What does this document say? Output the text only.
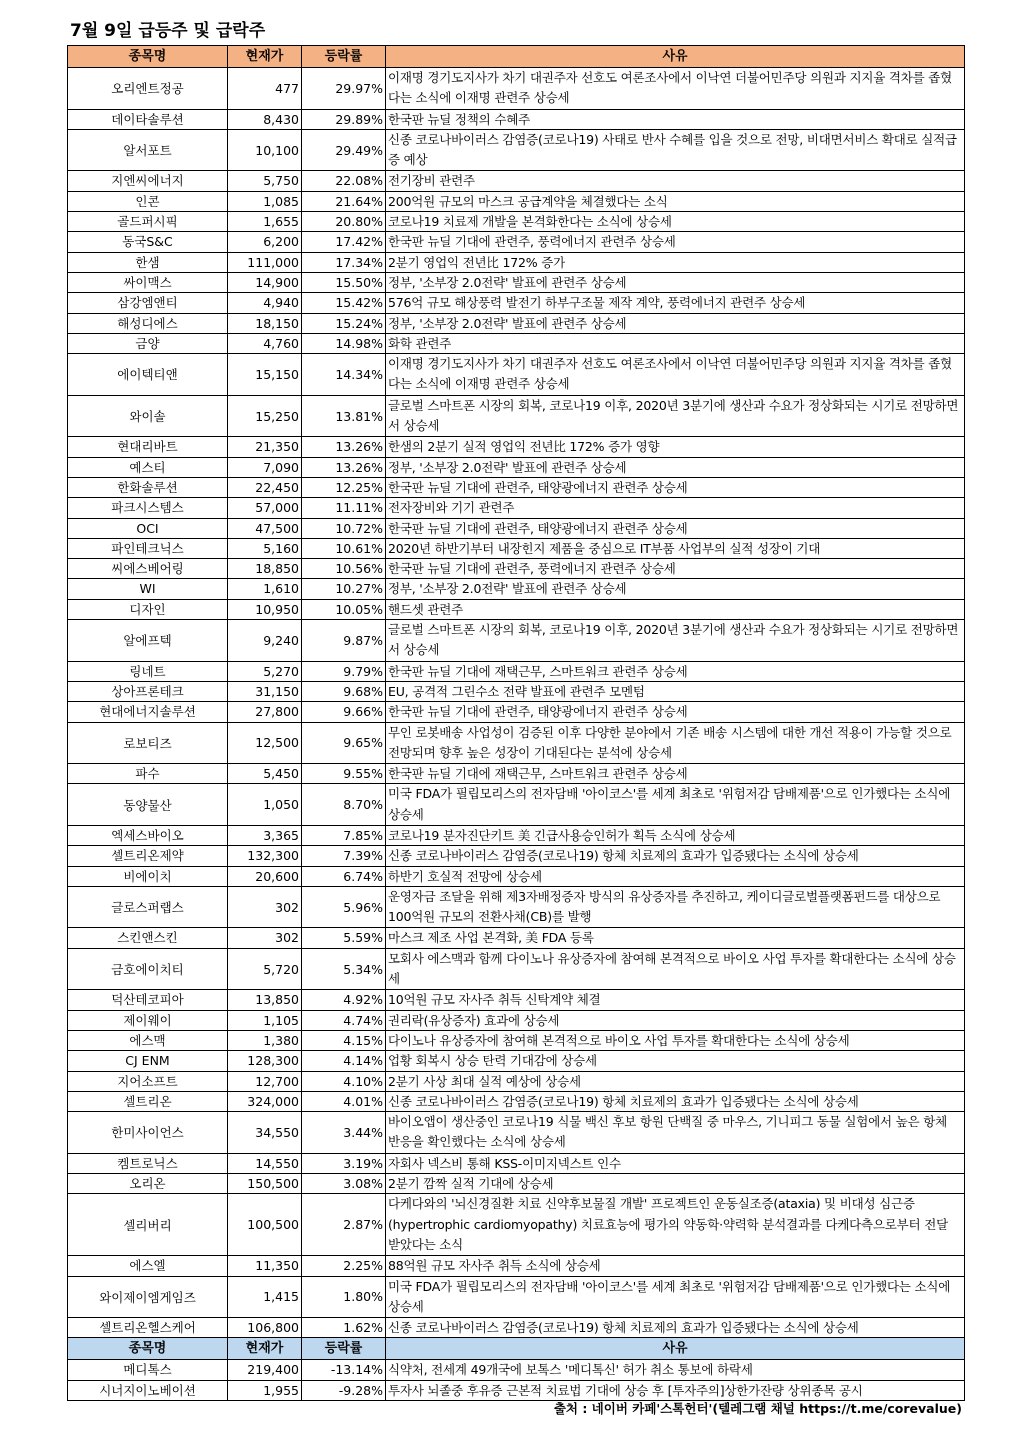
7월 9일 급등주 및 급락주
종목명	현재가	등락률	사유
오리엔트정공	477	29.97%	이재명 경기도지사가 차기 대권주자 선호도 여론조사에서 이낙연 더불어민주당 의원과 지지율 격차를 좁혔다는 소식에 이재명 관련주 상승세
데이타솔루션	8,430	29.89%	한국판 뉴딜 정책의 수혜주
알서포트	10,100	29.49%	신종 코로나바이러스 감염증(코로나19) 사태로 반사 수혜를 입을 것으로 전망, 비대면서비스 확대로 실적급증 예상
지엔씨에너지	5,750	22.08%	전기장비 관련주
인콘	1,085	21.64%	200억원 규모의 마스크 공급계약을 체결했다는 소식
골드퍼시픽	1,655	20.80%	코로나19 치료제 개발을 본격화한다는 소식에 상승세
동국S&C	6,200	17.42%	한국판 뉴딜 기대에 관련주, 풍력에너지 관련주 상승세
한샘	111,000	17.34%	2분기 영업익 전년比 172% 증가
싸이맥스	14,900	15.50%	정부, '소부장 2.0전략' 발표에 관련주 상승세
삼강엠앤티	4,940	15.42%	576억 규모 해상풍력 발전기 하부구조물 제작 계약, 풍력에너지 관련주 상승세
해성디에스	18,150	15.24%	정부, '소부장 2.0전략' 발표에 관련주 상승세
금양	4,760	14.98%	화학 관련주
에이텍티앤	15,150	14.34%	이재명 경기도지사가 차기 대권주자 선호도 여론조사에서 이낙연 더불어민주당 의원과 지지율 격차를 좁혔다는 소식에 이재명 관련주 상승세
와이솔	15,250	13.81%	글로벌 스마트폰 시장의 회복, 코로나19 이후, 2020년 3분기에 생산과 수요가 정상화되는 시기로 전망하면서 상승세
현대리바트	21,350	13.26%	한샘의 2분기 실적 영업익 전년比 172% 증가 영향
예스티	7,090	13.26%	정부, '소부장 2.0전략' 발표에 관련주 상승세
한화솔루션	22,450	12.25%	한국판 뉴딜 기대에 관련주, 태양광에너지 관련주 상승세
파크시스템스	57,000	11.11%	전자장비와 기기 관련주
OCI	47,500	10.72%	한국판 뉴딜 기대에 관련주, 태양광에너지 관련주 상승세
파인테크닉스	5,160	10.61%	2020년 하반기부터 내장힌지 제품을 중심으로 IT부품 사업부의 실적 성장이 기대
씨에스베어링	18,850	10.56%	한국판 뉴딜 기대에 관련주, 풍력에너지 관련주 상승세
WI	1,610	10.27%	정부, '소부장 2.0전략' 발표에 관련주 상승세
디자인	10,950	10.05%	핸드셋 관련주
알에프텍	9,240	9.87%	글로벌 스마트폰 시장의 회복, 코로나19 이후, 2020년 3분기에 생산과 수요가 정상화되는 시기로 전망하면서 상승세
링네트	5,270	9.79%	한국판 뉴딜 기대에 재택근무, 스마트워크 관련주 상승세
상아프론테크	31,150	9.68%	EU, 공격적 그린수소 전략 발표에 관련주 모멘텀
현대에너지솔루션	27,800	9.66%	한국판 뉴딜 기대에 관련주, 태양광에너지 관련주 상승세
로보티즈	12,500	9.65%	무인 로봇배송 사업성이 검증된 이후 다양한 분야에서 기존 배송 시스템에 대한 개선 적용이 가능할 것으로 전망되며 향후 높은 성장이 기대된다는 분석에 상승세
파수	5,450	9.55%	한국판 뉴딜 기대에 재택근무, 스마트워크 관련주 상승세
동양물산	1,050	8.70%	미국 FDA가 필립모리스의 전자담배 '아이코스'를 세계 최초로 '위험저감 담배제품'으로 인가했다는 소식에 상승세
엑세스바이오	3,365	7.85%	코로나19 분자진단키트 美 긴급사용승인허가 획득 소식에 상승세
셀트리온제약	132,300	7.39%	신종 코로나바이러스 감염증(코로나19) 항체 치료제의 효과가 입증됐다는 소식에 상승세
비에이치	20,600	6.74%	하반기 호실적 전망에 상승세
글로스퍼랩스	302	5.96%	운영자금 조달을 위해 제3자배정증자 방식의 유상증자를 추진하고, 케이디글로벌플랫폼펀드를 대상으로 100억원 규모의 전환사채(CB)를 발행
스킨앤스킨	302	5.59%	마스크 제조 사업 본격화, 美 FDA 등록
금호에이치티	5,720	5.34%	모회사 에스맥과 함께 다이노나 유상증자에 참여해 본격적으로 바이오 사업 투자를 확대한다는 소식에 상승세
덕산테코피아	13,850	4.92%	10억원 규모 자사주 취득 신탁계약 체결
제이웨이	1,105	4.74%	권리락(유상증자) 효과에 상승세
에스맥	1,380	4.15%	다이노나 유상증자에 참여해 본격적으로 바이오 사업 투자를 확대한다는 소식에 상승세
CJ ENM	128,300	4.14%	업황 회복시 상승 탄력 기대감에 상승세
지어소프트	12,700	4.10%	2분기 사상 최대 실적 예상에 상승세
셀트리온	324,000	4.01%	신종 코로나바이러스 감염증(코로나19) 항체 치료제의 효과가 입증됐다는 소식에 상승세
한미사이언스	34,550	3.44%	바이오앱이 생산중인 코로나19 식물 백신 후보 항원 단백질 중 마우스, 기니피그 동물 실험에서 높은 항체 반응을 확인했다는 소식에 상승세
켐트로닉스	14,550	3.19%	자회사 넥스비 통해 KSS-이미지넥스트 인수
오리온	150,500	3.08%	2분기 깜짝 실적 기대에 상승세
셀리버리	100,500	2.87%	다케다와의 '뇌신경질환 치료 신약후보물질 개발' 프로젝트인 운동실조증(ataxia) 및 비대성 심근증(hypertrophic cardiomyopathy) 치료효능에 평가의 약동학·약력학 분석결과를 다케다측으로부터 전달 받았다는 소식
에스엘	11,350	2.25%	88억원 규모 자사주 취득 소식에 상승세
와이제이엠게임즈	1,415	1.80%	미국 FDA가 필립모리스의 전자담배 '아이코스'를 세계 최초로 '위험저감 담배제품'으로 인가했다는 소식에 상승세
셀트리온헬스케어	106,800	1.62%	신종 코로나바이러스 감염증(코로나19) 항체 치료제의 효과가 입증됐다는 소식에 상승세
종목명	현재가	등락률	사유
메디톡스	219,400	-13.14%	식약처, 전세계 49개국에 보톡스 '메디톡신' 허가 취소 통보에 하락세
시너지이노베이션	1,955	-9.28%	투자사 뇌졸중 후유증 근본적 치료법 기대에 상승 후 [투자주의]상한가잔량 상위종목 공시
출처 : 네이버 카페'스톡헌터'(텔레그램 채널 https://t.me/corevalue)
